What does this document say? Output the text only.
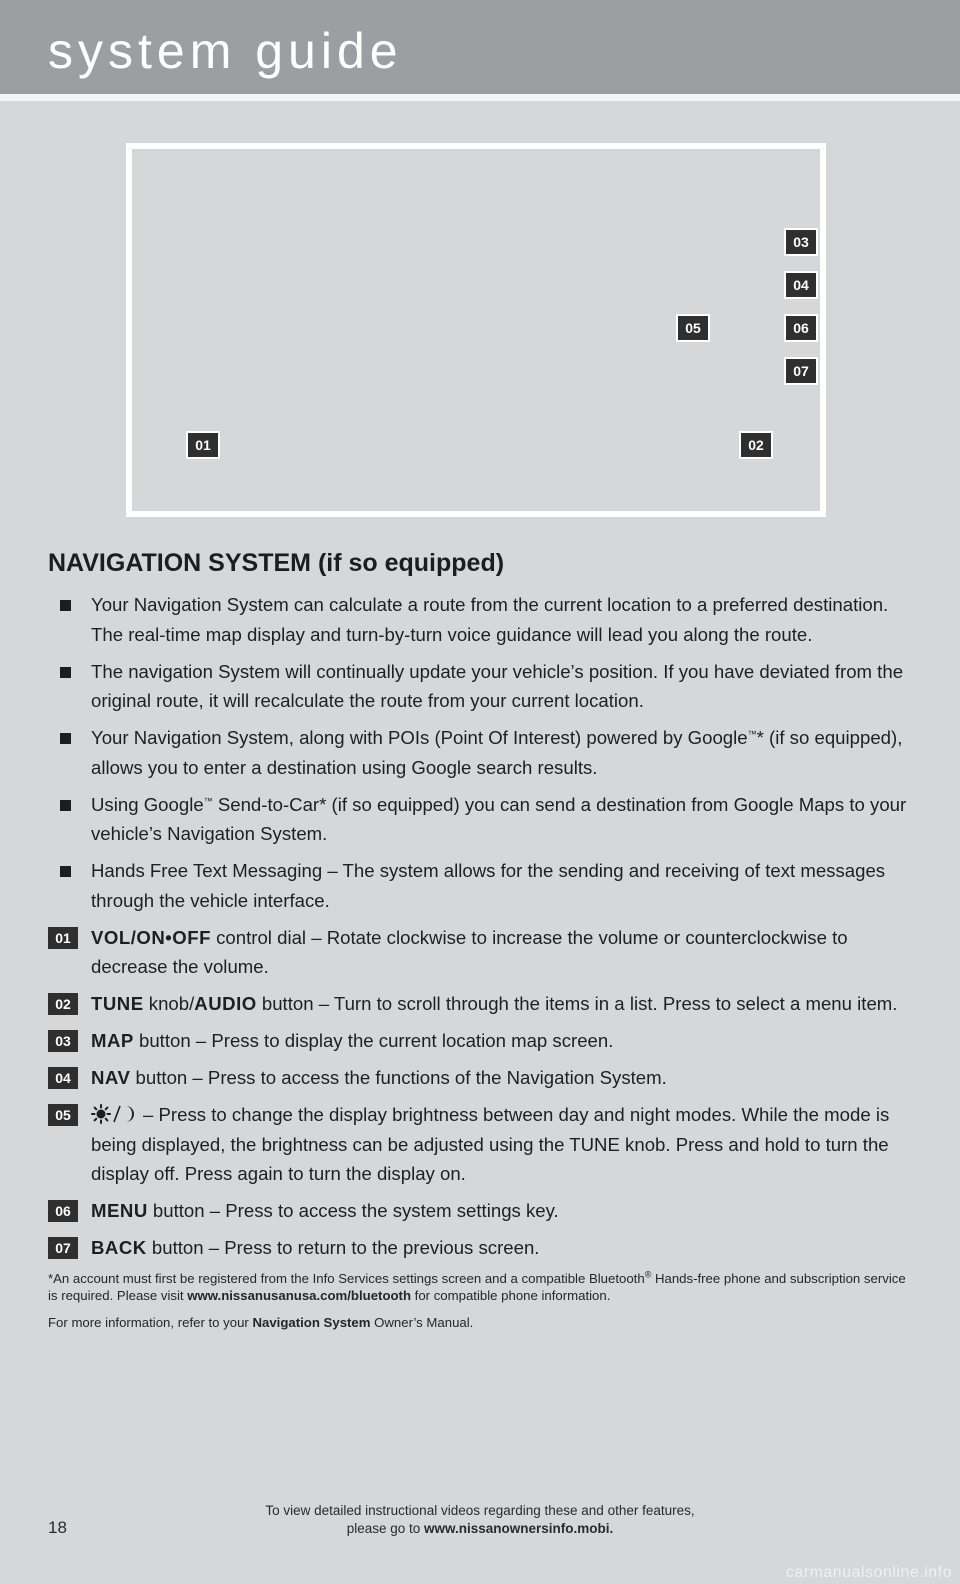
system guide
01	02
03
04
05	06
07
NAVIGATION SYSTEM (if so equipped)
Your Navigation System can calculate a route from the current location to a preferred destination. The real-time map display and turn-by-turn voice guidance will lead you along the route.
The navigation System will continually update your vehicle’s position. If you have deviated from the original route, it will recalculate the route from your current location.
Your Navigation System, along with POIs (Point Of Interest) powered by Google™* (if so equipped), allows you to enter a destination using Google search results.
Using Google™ Send-to-Car* (if so equipped) you can send a destination from Google Maps to your vehicle’s Navigation System.
Hands Free Text Messaging – The system allows for the sending and receiving of text messages through the vehicle interface.
01	VOL/ON•OFF control dial – Rotate clockwise to increase the volume or counterclockwise to decrease the volume.
02	TUNE knob/AUDIO button – Turn to scroll through the items in a list. Press to select a menu item.
03	MAP button – Press to display the current location map screen.
04	NAV button – Press to access the functions of the Navigation System.
05	– Press to change the display brightness between day and night modes. While the mode is being displayed, the brightness can be adjusted using the TUNE knob. Press and hold to turn the display off. Press again to turn the display on.
06	MENU button – Press to access the system settings key.
07	BACK button – Press to return to the previous screen.
*An account must first be registered from the Info Services settings screen and a compatible Bluetooth® Hands-free phone and subscription service is required. Please visit www.nissanusanusa.com/bluetooth for compatible phone information.
For more information, refer to your Navigation System Owner’s Manual.
18
To view detailed instructional videos regarding these and other features,
please go to www.nissanownersinfo.mobi.
carmanualsonline.info
